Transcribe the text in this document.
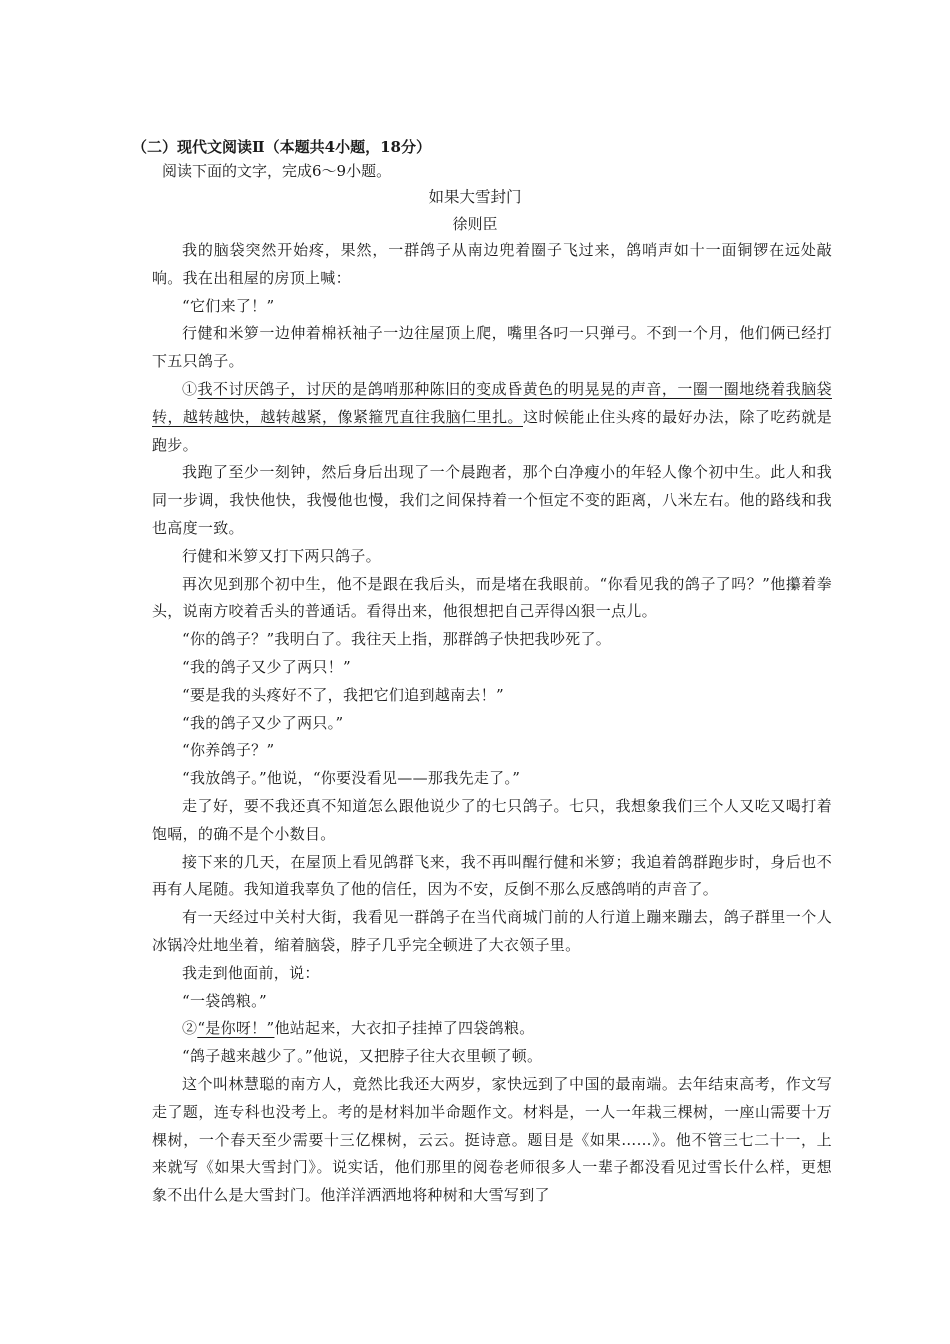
（二）现代文阅读Ⅱ（本题共4小题，18分）
阅读下面的文字，完成6～9小题。
如果大雪封门
徐则臣

我的脑袋突然开始疼，果然，一群鸽子从南边兜着圈子飞过来，鸽哨声如十一面铜锣在远处敲响。我在出租屋的房顶上喊：

“它们来了！”

行健和米箩一边伸着棉袄袖子一边往屋顶上爬，嘴里各叼一只弹弓。不到一个月，他们俩已经打下五只鸽子。

①我不讨厌鸽子，讨厌的是鸽哨那种陈旧的变成昏黄色的明晃晃的声音，一圈一圈地绕着我脑袋转，越转越快，越转越紧，像紧箍咒直往我脑仁里扎。这时候能止住头疼的最好办法，除了吃药就是跑步。

我跑了至少一刻钟，然后身后出现了一个晨跑者，那个白净瘦小的年轻人像个初中生。此人和我同一步调，我快他快，我慢他也慢，我们之间保持着一个恒定不变的距离，八米左右。他的路线和我也高度一致。

行健和米箩又打下两只鸽子。

再次见到那个初中生，他不是跟在我后头，而是堵在我眼前。“你看见我的鸽子了吗？”他攥着拳头，说南方咬着舌头的普通话。看得出来，他很想把自己弄得凶狠一点儿。

“你的鸽子？”我明白了。我往天上指，那群鸽子快把我吵死了。

“我的鸽子又少了两只！”

“要是我的头疼好不了，我把它们追到越南去！”

“我的鸽子又少了两只。”

“你养鸽子？”

“我放鸽子。”他说，“你要没看见——那我先走了。”

走了好，要不我还真不知道怎么跟他说少了的七只鸽子。七只，我想象我们三个人又吃又喝打着饱嗝，的确不是个小数目。

接下来的几天，在屋顶上看见鸽群飞来，我不再叫醒行健和米箩；我追着鸽群跑步时，身后也不再有人尾随。我知道我辜负了他的信任，因为不安，反倒不那么反感鸽哨的声音了。

有一天经过中关村大街，我看见一群鸽子在当代商城门前的人行道上蹦来蹦去，鸽子群里一个人冰锅冷灶地坐着，缩着脑袋，脖子几乎完全顿进了大衣领子里。

我走到他面前，说：

“一袋鸽粮。”

②“是你呀！”他站起来，大衣扣子挂掉了四袋鸽粮。

“鸽子越来越少了。”他说，又把脖子往大衣里顿了顿。

这个叫林慧聪的南方人，竟然比我还大两岁，家快远到了中国的最南端。去年结束高考，作文写走了题，连专科也没考上。考的是材料加半命题作文。材料是，一人一年栽三棵树，一座山需要十万棵树，一个春天至少需要十三亿棵树，云云。挺诗意。题目是《如果……》。他不管三七二十一，上来就写《如果大雪封门》。说实话，他们那里的阅卷老师很多人一辈子都没看见过雪长什么样，更想象不出什么是大雪封门。他洋洋洒洒地将种树和大雪写到了
